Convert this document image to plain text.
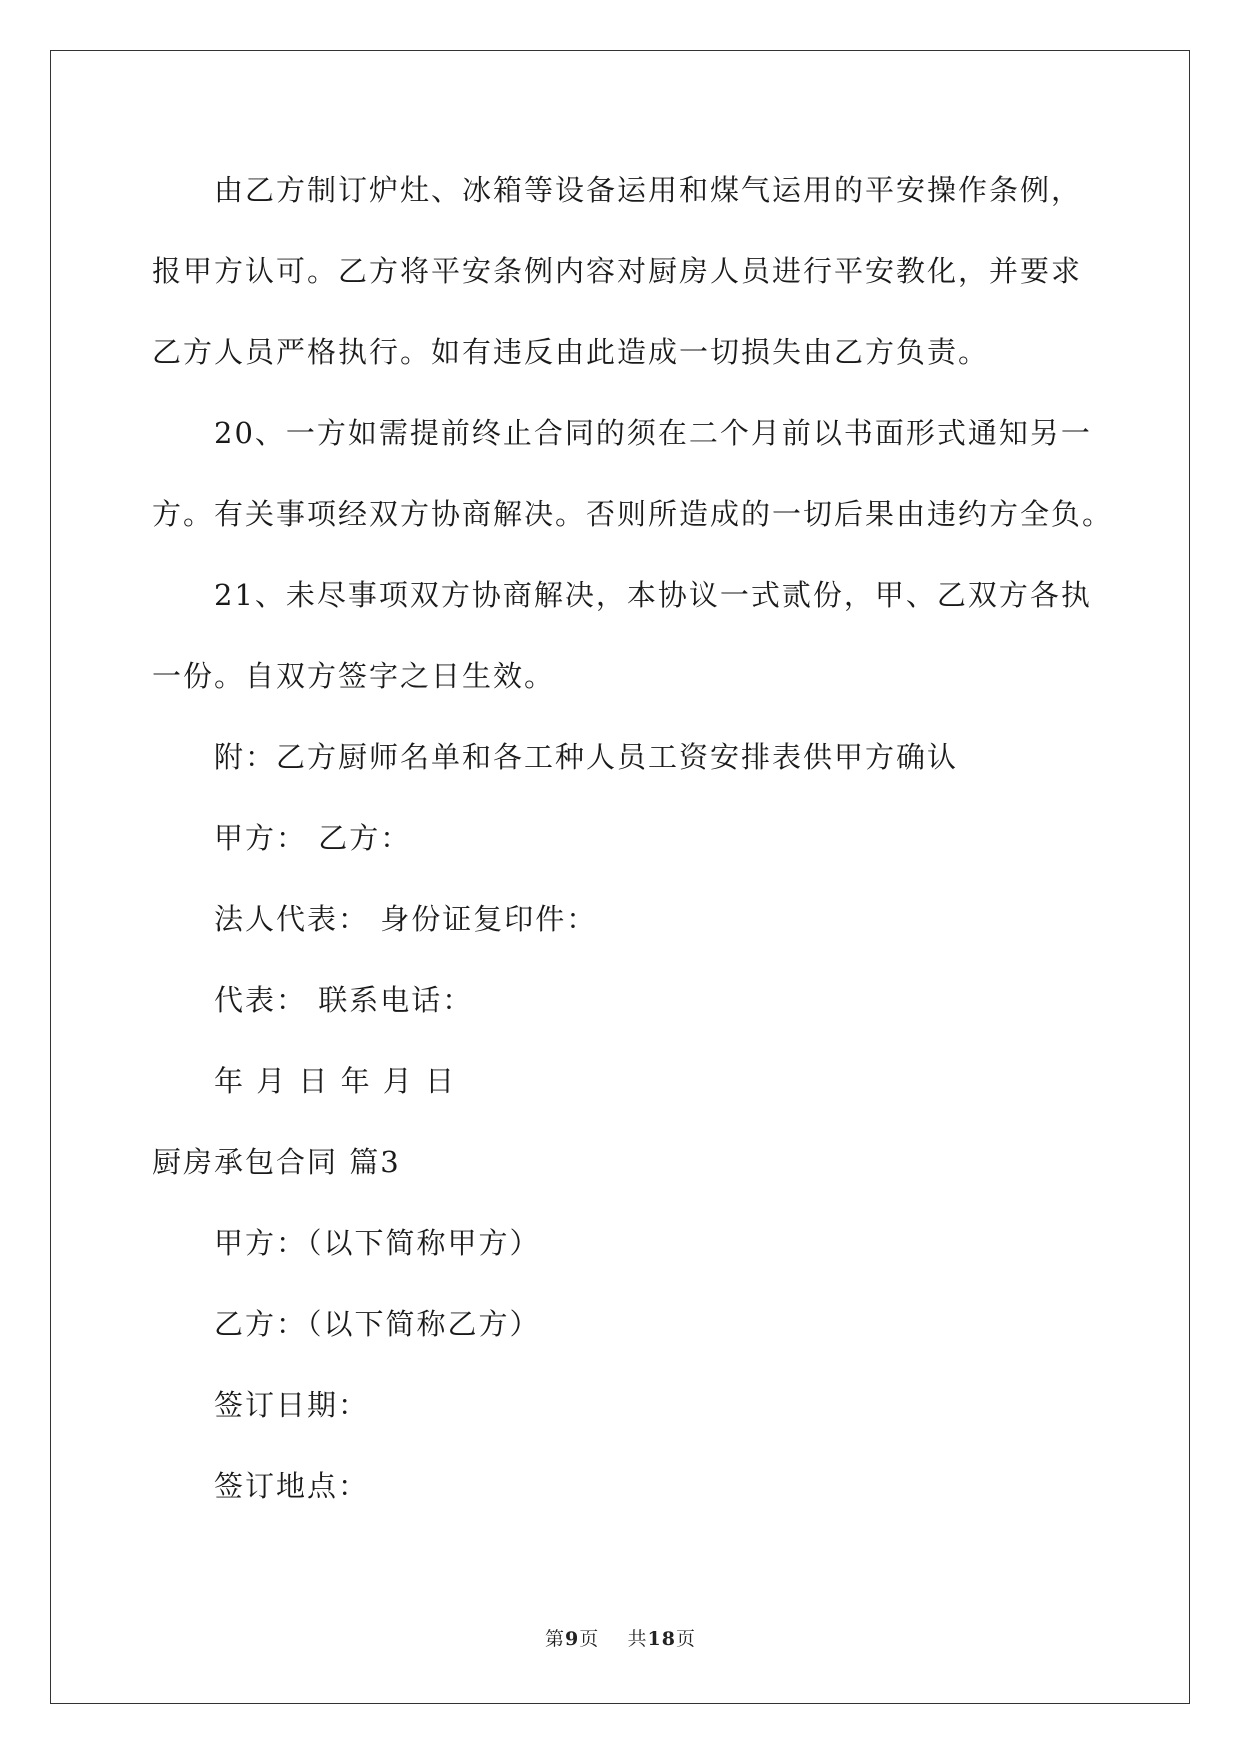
由乙方制订炉灶、冰箱等设备运用和煤气运用的平安操作条例，

报甲方认可。乙方将平安条例内容对厨房人员进行平安教化，并要求

乙方人员严格执行。如有违反由此造成一切损失由乙方负责。

20、一方如需提前终止合同的须在二个月前以书面形式通知另一

方。有关事项经双方协商解决。否则所造成的一切后果由违约方全负。

21、未尽事项双方协商解决，本协议一式贰份，甲、乙双方各执

一份。自双方签字之日生效。

附：乙方厨师名单和各工种人员工资安排表供甲方确认

甲方： 乙方：

法人代表： 身份证复印件：

代表： 联系电话：

年 月 日 年 月 日

厨房承包合同 篇3

甲方：（以下简称甲方）

乙方：（以下简称乙方）

签订日期：

签订地点：

第9页 共18页
